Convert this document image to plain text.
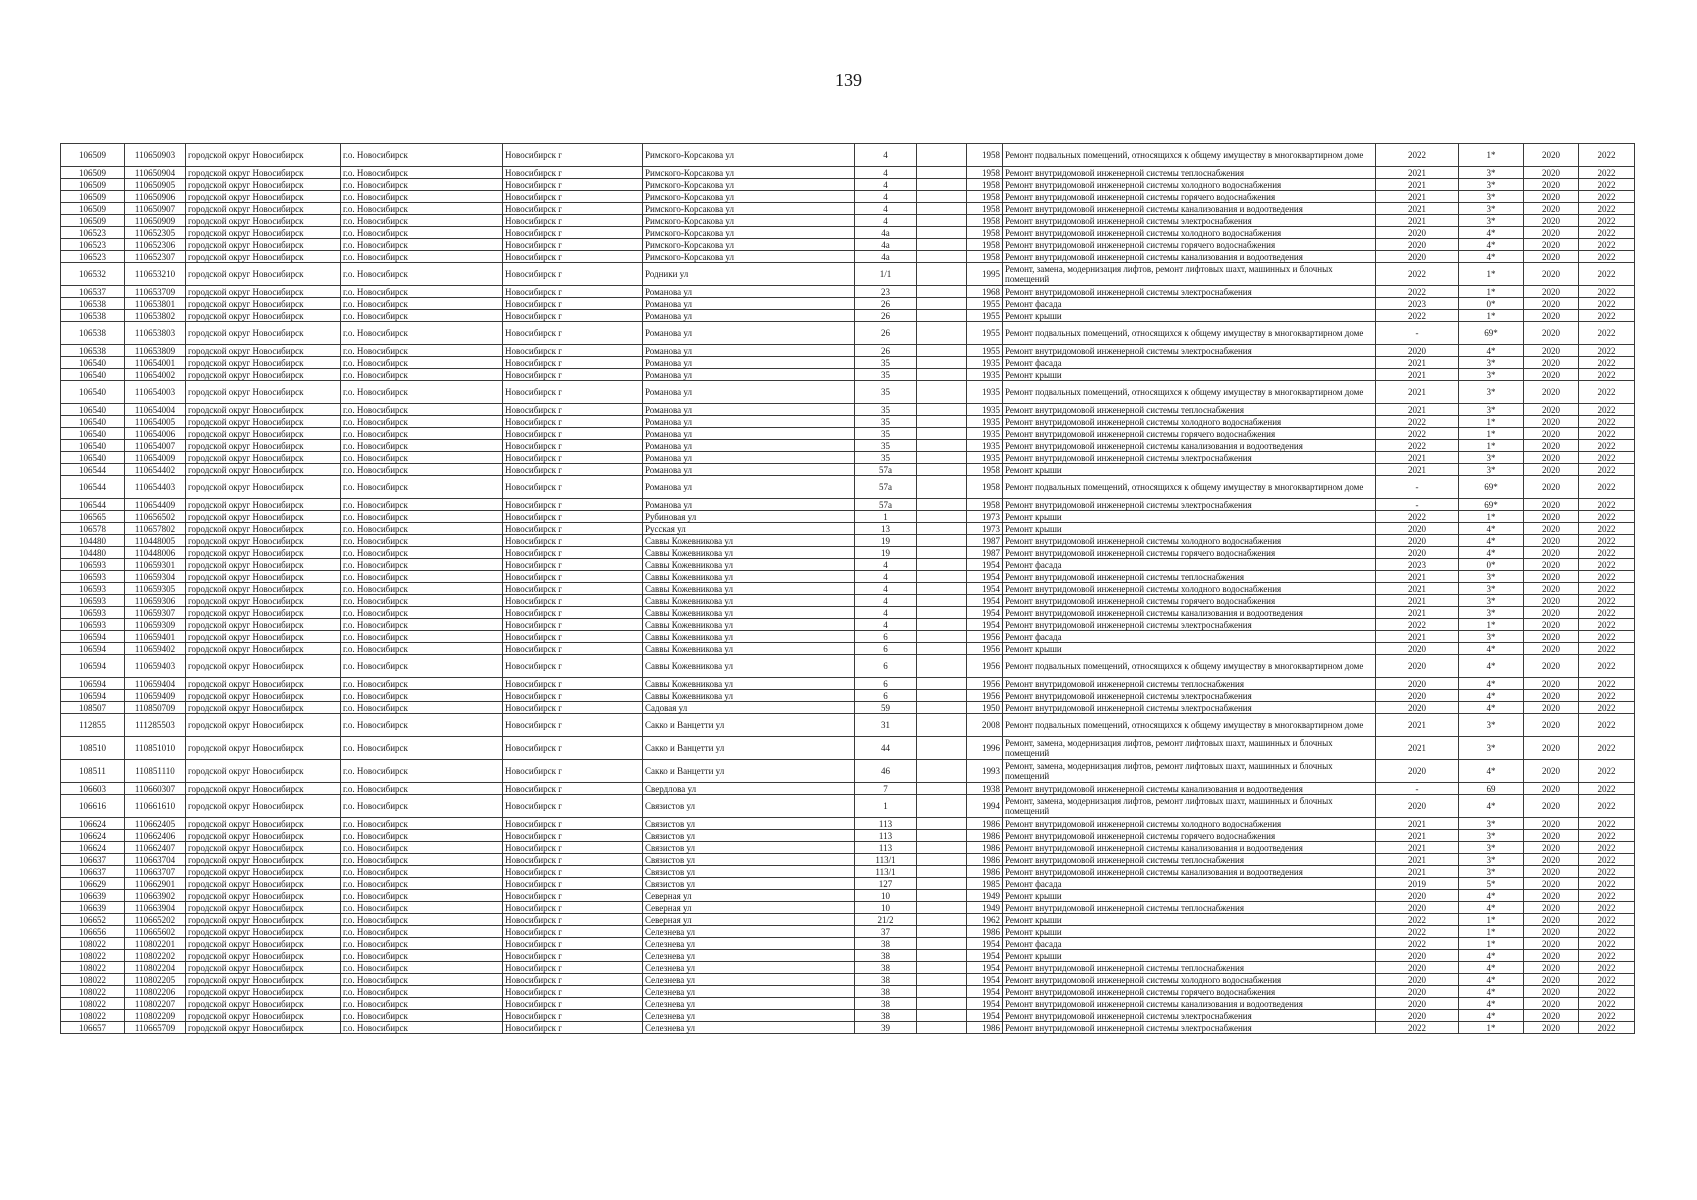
139
106509	110650903	городской округ Новосибирск	г.о. Новосибирск	Новосибирск г	Римского-Корсакова ул	4		1958	Ремонт подвальных помещений, относящихся к общему имуществу в многоквартирном доме	2022	1*	2020	2022
106509	110650904	городской округ Новосибирск	г.о. Новосибирск	Новосибирск г	Римского-Корсакова ул	4		1958	Ремонт внутридомовой инженерной системы теплоснабжения	2021	3*	2020	2022
106509	110650905	городской округ Новосибирск	г.о. Новосибирск	Новосибирск г	Римского-Корсакова ул	4		1958	Ремонт внутридомовой инженерной системы холодного водоснабжения	2021	3*	2020	2022
106509	110650906	городской округ Новосибирск	г.о. Новосибирск	Новосибирск г	Римского-Корсакова ул	4		1958	Ремонт внутридомовой инженерной системы горячего водоснабжения	2021	3*	2020	2022
106509	110650907	городской округ Новосибирск	г.о. Новосибирск	Новосибирск г	Римского-Корсакова ул	4		1958	Ремонт внутридомовой инженерной системы канализования и водоотведения	2021	3*	2020	2022
106509	110650909	городской округ Новосибирск	г.о. Новосибирск	Новосибирск г	Римского-Корсакова ул	4		1958	Ремонт внутридомовой инженерной системы электроснабжения	2021	3*	2020	2022
106523	110652305	городской округ Новосибирск	г.о. Новосибирск	Новосибирск г	Римского-Корсакова ул	4а		1958	Ремонт внутридомовой инженерной системы холодного водоснабжения	2020	4*	2020	2022
106523	110652306	городской округ Новосибирск	г.о. Новосибирск	Новосибирск г	Римского-Корсакова ул	4а		1958	Ремонт внутридомовой инженерной системы горячего водоснабжения	2020	4*	2020	2022
106523	110652307	городской округ Новосибирск	г.о. Новосибирск	Новосибирск г	Римского-Корсакова ул	4а		1958	Ремонт внутридомовой инженерной системы канализования и водоотведения	2020	4*	2020	2022
106532	110653210	городской округ Новосибирск	г.о. Новосибирск	Новосибирск г	Родники ул	1/1		1995	Ремонт, замена, модернизация лифтов, ремонт лифтовых шахт, машинных и блочных помещений	2022	1*	2020	2022
106537	110653709	городской округ Новосибирск	г.о. Новосибирск	Новосибирск г	Романова ул	23		1968	Ремонт внутридомовой инженерной системы электроснабжения	2022	1*	2020	2022
106538	110653801	городской округ Новосибирск	г.о. Новосибирск	Новосибирск г	Романова ул	26		1955	Ремонт фасада	2023	0*	2020	2022
106538	110653802	городской округ Новосибирск	г.о. Новосибирск	Новосибирск г	Романова ул	26		1955	Ремонт крыши	2022	1*	2020	2022
106538	110653803	городской округ Новосибирск	г.о. Новосибирск	Новосибирск г	Романова ул	26		1955	Ремонт подвальных помещений, относящихся к общему имуществу в многоквартирном доме	-	69*	2020	2022
106538	110653809	городской округ Новосибирск	г.о. Новосибирск	Новосибирск г	Романова ул	26		1955	Ремонт внутридомовой инженерной системы электроснабжения	2020	4*	2020	2022
106540	110654001	городской округ Новосибирск	г.о. Новосибирск	Новосибирск г	Романова ул	35		1935	Ремонт фасада	2021	3*	2020	2022
106540	110654002	городской округ Новосибирск	г.о. Новосибирск	Новосибирск г	Романова ул	35		1935	Ремонт крыши	2021	3*	2020	2022
106540	110654003	городской округ Новосибирск	г.о. Новосибирск	Новосибирск г	Романова ул	35		1935	Ремонт подвальных помещений, относящихся к общему имуществу в многоквартирном доме	2021	3*	2020	2022
106540	110654004	городской округ Новосибирск	г.о. Новосибирск	Новосибирск г	Романова ул	35		1935	Ремонт внутридомовой инженерной системы теплоснабжения	2021	3*	2020	2022
106540	110654005	городской округ Новосибирск	г.о. Новосибирск	Новосибирск г	Романова ул	35		1935	Ремонт внутридомовой инженерной системы холодного водоснабжения	2022	1*	2020	2022
106540	110654006	городской округ Новосибирск	г.о. Новосибирск	Новосибирск г	Романова ул	35		1935	Ремонт внутридомовой инженерной системы горячего водоснабжения	2022	1*	2020	2022
106540	110654007	городской округ Новосибирск	г.о. Новосибирск	Новосибирск г	Романова ул	35		1935	Ремонт внутридомовой инженерной системы канализования и водоотведения	2022	1*	2020	2022
106540	110654009	городской округ Новосибирск	г.о. Новосибирск	Новосибирск г	Романова ул	35		1935	Ремонт внутридомовой инженерной системы электроснабжения	2021	3*	2020	2022
106544	110654402	городской округ Новосибирск	г.о. Новосибирск	Новосибирск г	Романова ул	57а		1958	Ремонт крыши	2021	3*	2020	2022
106544	110654403	городской округ Новосибирск	г.о. Новосибирск	Новосибирск г	Романова ул	57а		1958	Ремонт подвальных помещений, относящихся к общему имуществу в многоквартирном доме	-	69*	2020	2022
106544	110654409	городской округ Новосибирск	г.о. Новосибирск	Новосибирск г	Романова ул	57а		1958	Ремонт внутридомовой инженерной системы электроснабжения	-	69*	2020	2022
106565	110656502	городской округ Новосибирск	г.о. Новосибирск	Новосибирск г	Рубиновая ул	1		1973	Ремонт крыши	2022	1*	2020	2022
106578	110657802	городской округ Новосибирск	г.о. Новосибирск	Новосибирск г	Русская ул	13		1973	Ремонт крыши	2020	4*	2020	2022
104480	110448005	городской округ Новосибирск	г.о. Новосибирск	Новосибирск г	Саввы Кожевникова ул	19		1987	Ремонт внутридомовой инженерной системы холодного водоснабжения	2020	4*	2020	2022
104480	110448006	городской округ Новосибирск	г.о. Новосибирск	Новосибирск г	Саввы Кожевникова ул	19		1987	Ремонт внутридомовой инженерной системы горячего водоснабжения	2020	4*	2020	2022
106593	110659301	городской округ Новосибирск	г.о. Новосибирск	Новосибирск г	Саввы Кожевникова ул	4		1954	Ремонт фасада	2023	0*	2020	2022
106593	110659304	городской округ Новосибирск	г.о. Новосибирск	Новосибирск г	Саввы Кожевникова ул	4		1954	Ремонт внутридомовой инженерной системы теплоснабжения	2021	3*	2020	2022
106593	110659305	городской округ Новосибирск	г.о. Новосибирск	Новосибирск г	Саввы Кожевникова ул	4		1954	Ремонт внутридомовой инженерной системы холодного водоснабжения	2021	3*	2020	2022
106593	110659306	городской округ Новосибирск	г.о. Новосибирск	Новосибирск г	Саввы Кожевникова ул	4		1954	Ремонт внутридомовой инженерной системы горячего водоснабжения	2021	3*	2020	2022
106593	110659307	городской округ Новосибирск	г.о. Новосибирск	Новосибирск г	Саввы Кожевникова ул	4		1954	Ремонт внутридомовой инженерной системы канализования и водоотведения	2021	3*	2020	2022
106593	110659309	городской округ Новосибирск	г.о. Новосибирск	Новосибирск г	Саввы Кожевникова ул	4		1954	Ремонт внутридомовой инженерной системы электроснабжения	2022	1*	2020	2022
106594	110659401	городской округ Новосибирск	г.о. Новосибирск	Новосибирск г	Саввы Кожевникова ул	6		1956	Ремонт фасада	2021	3*	2020	2022
106594	110659402	городской округ Новосибирск	г.о. Новосибирск	Новосибирск г	Саввы Кожевникова ул	6		1956	Ремонт крыши	2020	4*	2020	2022
106594	110659403	городской округ Новосибирск	г.о. Новосибирск	Новосибирск г	Саввы Кожевникова ул	6		1956	Ремонт подвальных помещений, относящихся к общему имуществу в многоквартирном доме	2020	4*	2020	2022
106594	110659404	городской округ Новосибирск	г.о. Новосибирск	Новосибирск г	Саввы Кожевникова ул	6		1956	Ремонт внутридомовой инженерной системы теплоснабжения	2020	4*	2020	2022
106594	110659409	городской округ Новосибирск	г.о. Новосибирск	Новосибирск г	Саввы Кожевникова ул	6		1956	Ремонт внутридомовой инженерной системы электроснабжения	2020	4*	2020	2022
108507	110850709	городской округ Новосибирск	г.о. Новосибирск	Новосибирск г	Садовая ул	59		1950	Ремонт внутридомовой инженерной системы электроснабжения	2020	4*	2020	2022
112855	111285503	городской округ Новосибирск	г.о. Новосибирск	Новосибирск г	Сакко и Ванцетти ул	31		2008	Ремонт подвальных помещений, относящихся к общему имуществу в многоквартирном доме	2021	3*	2020	2022
108510	110851010	городской округ Новосибирск	г.о. Новосибирск	Новосибирск г	Сакко и Ванцетти ул	44		1996	Ремонт, замена, модернизация лифтов, ремонт лифтовых шахт, машинных и блочных помещений	2021	3*	2020	2022
108511	110851110	городской округ Новосибирск	г.о. Новосибирск	Новосибирск г	Сакко и Ванцетти ул	46		1993	Ремонт, замена, модернизация лифтов, ремонт лифтовых шахт, машинных и блочных помещений	2020	4*	2020	2022
106603	110660307	городской округ Новосибирск	г.о. Новосибирск	Новосибирск г	Свердлова ул	7		1938	Ремонт внутридомовой инженерной системы канализования и водоотведения	-	69	2020	2022
106616	110661610	городской округ Новосибирск	г.о. Новосибирск	Новосибирск г	Связистов ул	1		1994	Ремонт, замена, модернизация лифтов, ремонт лифтовых шахт, машинных и блочных помещений	2020	4*	2020	2022
106624	110662405	городской округ Новосибирск	г.о. Новосибирск	Новосибирск г	Связистов ул	113		1986	Ремонт внутридомовой инженерной системы холодного водоснабжения	2021	3*	2020	2022
106624	110662406	городской округ Новосибирск	г.о. Новосибирск	Новосибирск г	Связистов ул	113		1986	Ремонт внутридомовой инженерной системы горячего водоснабжения	2021	3*	2020	2022
106624	110662407	городской округ Новосибирск	г.о. Новосибирск	Новосибирск г	Связистов ул	113		1986	Ремонт внутридомовой инженерной системы канализования и водоотведения	2021	3*	2020	2022
106637	110663704	городской округ Новосибирск	г.о. Новосибирск	Новосибирск г	Связистов ул	113/1		1986	Ремонт внутридомовой инженерной системы теплоснабжения	2021	3*	2020	2022
106637	110663707	городской округ Новосибирск	г.о. Новосибирск	Новосибирск г	Связистов ул	113/1		1986	Ремонт внутридомовой инженерной системы канализования и водоотведения	2021	3*	2020	2022
106629	110662901	городской округ Новосибирск	г.о. Новосибирск	Новосибирск г	Связистов ул	127		1985	Ремонт фасада	2019	5*	2020	2022
106639	110663902	городской округ Новосибирск	г.о. Новосибирск	Новосибирск г	Северная ул	10		1949	Ремонт крыши	2020	4*	2020	2022
106639	110663904	городской округ Новосибирск	г.о. Новосибирск	Новосибирск г	Северная ул	10		1949	Ремонт внутридомовой инженерной системы теплоснабжения	2020	4*	2020	2022
106652	110665202	городской округ Новосибирск	г.о. Новосибирск	Новосибирск г	Северная ул	21/2		1962	Ремонт крыши	2022	1*	2020	2022
106656	110665602	городской округ Новосибирск	г.о. Новосибирск	Новосибирск г	Селезнева ул	37		1986	Ремонт крыши	2022	1*	2020	2022
108022	110802201	городской округ Новосибирск	г.о. Новосибирск	Новосибирск г	Селезнева ул	38		1954	Ремонт фасада	2022	1*	2020	2022
108022	110802202	городской округ Новосибирск	г.о. Новосибирск	Новосибирск г	Селезнева ул	38		1954	Ремонт крыши	2020	4*	2020	2022
108022	110802204	городской округ Новосибирск	г.о. Новосибирск	Новосибирск г	Селезнева ул	38		1954	Ремонт внутридомовой инженерной системы теплоснабжения	2020	4*	2020	2022
108022	110802205	городской округ Новосибирск	г.о. Новосибирск	Новосибирск г	Селезнева ул	38		1954	Ремонт внутридомовой инженерной системы холодного водоснабжения	2020	4*	2020	2022
108022	110802206	городской округ Новосибирск	г.о. Новосибирск	Новосибирск г	Селезнева ул	38		1954	Ремонт внутридомовой инженерной системы горячего водоснабжения	2020	4*	2020	2022
108022	110802207	городской округ Новосибирск	г.о. Новосибирск	Новосибирск г	Селезнева ул	38		1954	Ремонт внутридомовой инженерной системы канализования и водоотведения	2020	4*	2020	2022
108022	110802209	городской округ Новосибирск	г.о. Новосибирск	Новосибирск г	Селезнева ул	38		1954	Ремонт внутридомовой инженерной системы электроснабжения	2020	4*	2020	2022
106657	110665709	городской округ Новосибирск	г.о. Новосибирск	Новосибирск г	Селезнева ул	39		1986	Ремонт внутридомовой инженерной системы электроснабжения	2022	1*	2020	2022
